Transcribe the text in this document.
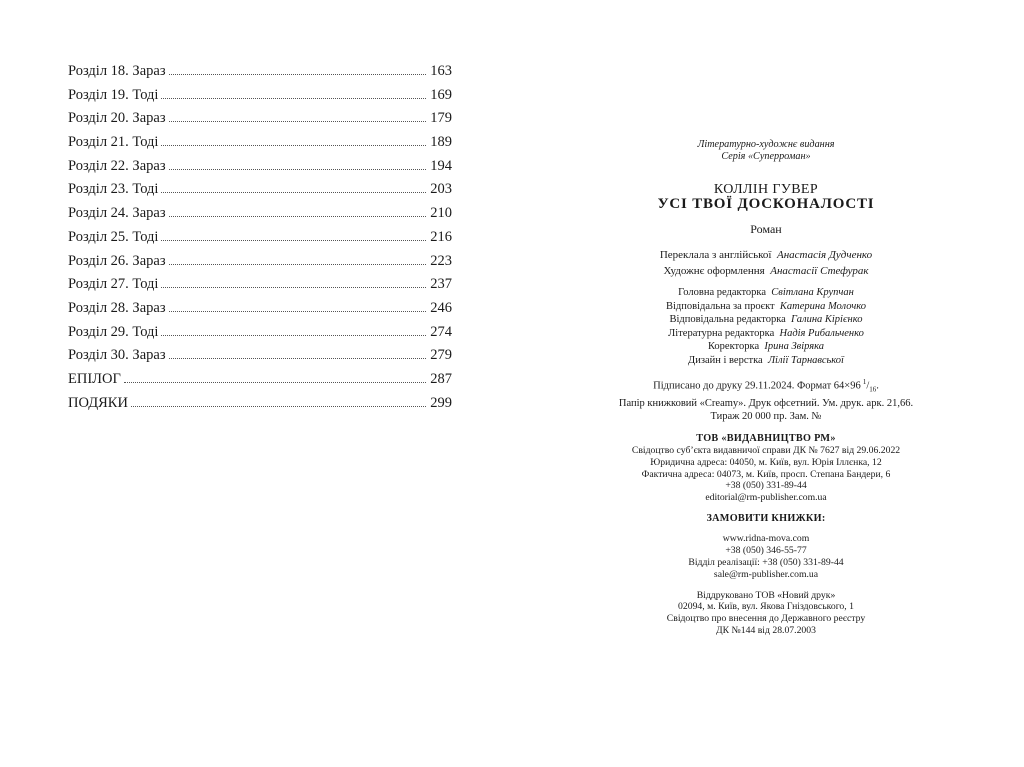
Розділ 18. Зараз	163
Розділ 19. Тоді	169
Розділ 20. Зараз	179
Розділ 21. Тоді	189
Розділ 22. Зараз	194
Розділ 23. Тоді	203
Розділ 24. Зараз	210
Розділ 25. Тоді	216
Розділ 26. Зараз	223
Розділ 27. Тоді	237
Розділ 28. Зараз	246
Розділ 29. Тоді	274
Розділ 30. Зараз	279
ЕПІЛОГ	287
ПОДЯКИ	299

Літературно-художнє видання

Серія «Суперроман»

КОЛЛІН ГУВЕР

УСІ ТВОЇ ДОСКОНАЛОСТІ

Роман

Переклала з англійської Анастасія Дудченко

Художнє оформлення Анастасії Стефурак

Головна редакторка Світлана Крупчан

Відповідальна за проєкт Катерина Молочко

Відповідальна редакторка Галина Кірієнко

Літературна редакторка Надія Рибальченко

Коректорка Ірина Звіряка

Дизайн і верстка Лілії Тарнавської

Підписано до друку 29.11.2024. Формат 64×96  $^1/_{16}$.

Папір книжковий «Creamy». Друк офсетний. Ум. друк. арк. 21,66.

Тираж 20 000 пр. Зам. №

ТОВ «ВИДАВНИЦТВО РМ»

Свідоцтво суб’єкта видавничої справи ДК № 7627 від 29.06.2022

Юридична адреса: 04050, м. Київ, вул. Юрія Іллєнка, 12

Фактична адреса: 04073, м. Київ, просп. Степана Бандери, 6

+38 (050) 331-89-44

editorial@rm-publisher.com.ua

ЗАМОВИТИ КНИЖКИ:

www.ridna-mova.com

+38 (050) 346-55-77

Відділ реалізації: +38 (050) 331-89-44

sale@rm-publisher.com.ua

Віддруковано ТОВ «Новий друк»

02094, м. Київ, вул. Якова Гніздовського, 1

Свідоцтво про внесення до Державного реєстру

ДК №144 від 28.07.2003
